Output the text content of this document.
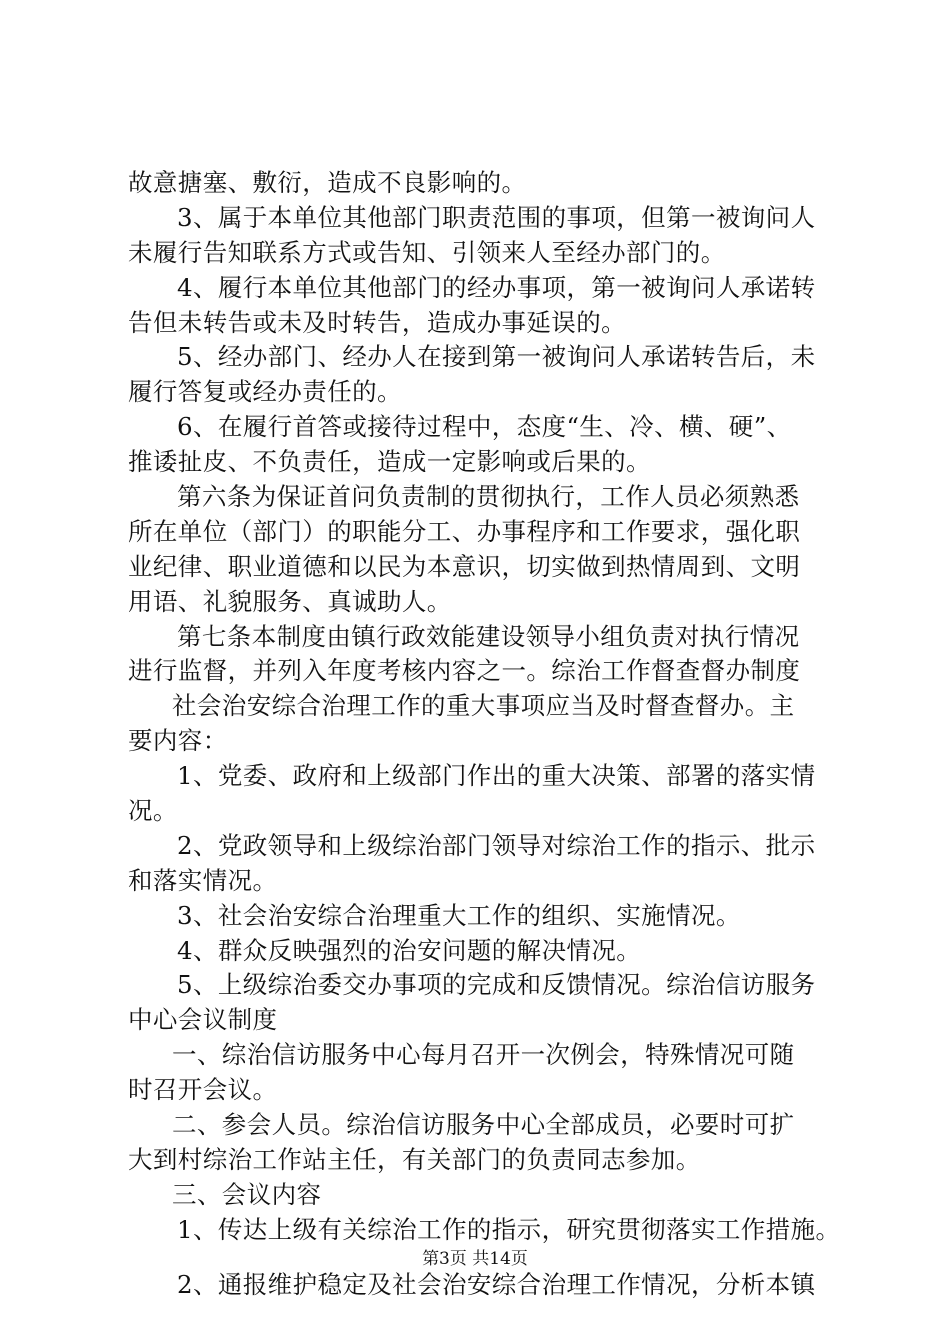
故意搪塞、敷衍，造成不良影响的。
3、属于本单位其他部门职责范围的事项，但第一被询问人
未履行告知联系方式或告知、引领来人至经办部门的。
4、履行本单位其他部门的经办事项，第一被询问人承诺转
告但未转告或未及时转告，造成办事延误的。
5、经办部门、经办人在接到第一被询问人承诺转告后，未
履行答复或经办责任的。
6、在履行首答或接待过程中，态度“生、冷、横、硬”、
推诿扯皮、不负责任，造成一定影响或后果的。
第六条为保证首问负责制的贯彻执行，工作人员必须熟悉
所在单位（部门）的职能分工、办事程序和工作要求，强化职
业纪律、职业道德和以民为本意识，切实做到热情周到、文明
用语、礼貌服务、真诚助人。
第七条本制度由镇行政效能建设领导小组负责对执行情况
进行监督，并列入年度考核内容之一。综治工作督查督办制度
社会治安综合治理工作的重大事项应当及时督查督办。主
要内容：
1、党委、政府和上级部门作出的重大决策、部署的落实情
况。
2、党政领导和上级综治部门领导对综治工作的指示、批示
和落实情况。
3、社会治安综合治理重大工作的组织、实施情况。
4、群众反映强烈的治安问题的解决情况。
5、上级综治委交办事项的完成和反馈情况。综治信访服务
中心会议制度
一、综治信访服务中心每月召开一次例会，特殊情况可随
时召开会议。
二、参会人员。综治信访服务中心全部成员，必要时可扩
大到村综治工作站主任，有关部门的负责同志参加。
三、会议内容
1、传达上级有关综治工作的指示，研究贯彻落实工作措施。
2、通报维护稳定及社会治安综合治理工作情况，分析本镇
第3页 共14页
